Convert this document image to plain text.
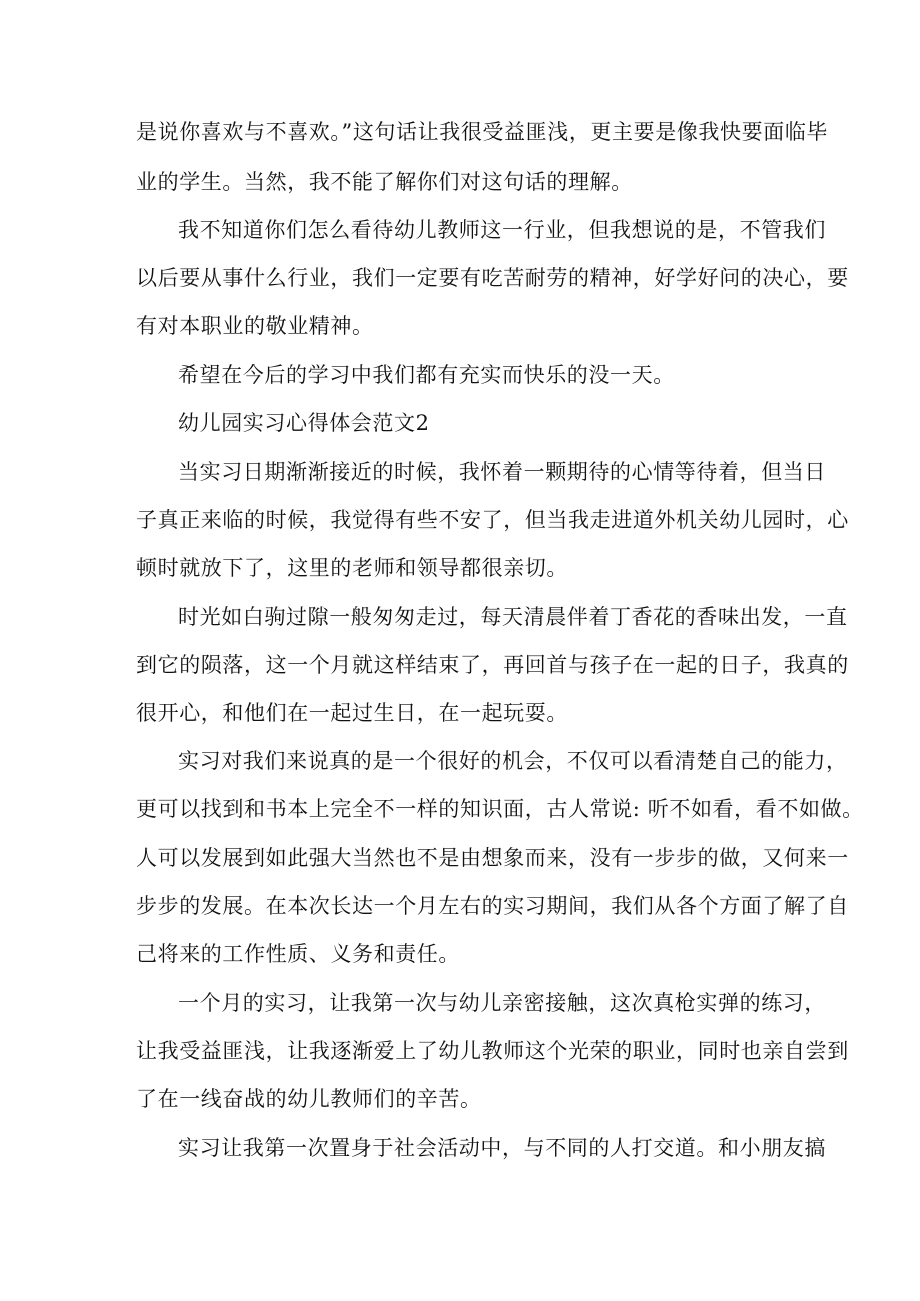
是说你喜欢与不喜欢。”这句话让我很受益匪浅，更主要是像我快要面临毕
业的学生。当然，我不能了解你们对这句话的理解。
我不知道你们怎么看待幼儿教师这一行业，但我想说的是，不管我们
以后要从事什么行业，我们一定要有吃苦耐劳的精神，好学好问的决心，要
有对本职业的敬业精神。
希望在今后的学习中我们都有充实而快乐的没一天。
幼儿园实习心得体会范文2
当实习日期渐渐接近的时候，我怀着一颗期待的心情等待着，但当日
子真正来临的时候，我觉得有些不安了，但当我走进道外机关幼儿园时，心
顿时就放下了，这里的老师和领导都很亲切。
时光如白驹过隙一般匆匆走过，每天清晨伴着丁香花的香味出发，一直
到它的陨落，这一个月就这样结束了，再回首与孩子在一起的日子，我真的
很开心，和他们在一起过生日，在一起玩耍。
实习对我们来说真的是一个很好的机会，不仅可以看清楚自己的能力，
更可以找到和书本上完全不一样的知识面，古人常说: 听不如看，看不如做。
人可以发展到如此强大当然也不是由想象而来，没有一步步的做，又何来一
步步的发展。在本次长达一个月左右的实习期间，我们从各个方面了解了自
己将来的工作性质、义务和责任。
一个月的实习，让我第一次与幼儿亲密接触，这次真枪实弹的练习，
让我受益匪浅，让我逐渐爱上了幼儿教师这个光荣的职业，同时也亲自尝到
了在一线奋战的幼儿教师们的辛苦。
实习让我第一次置身于社会活动中，与不同的人打交道。和小朋友搞
